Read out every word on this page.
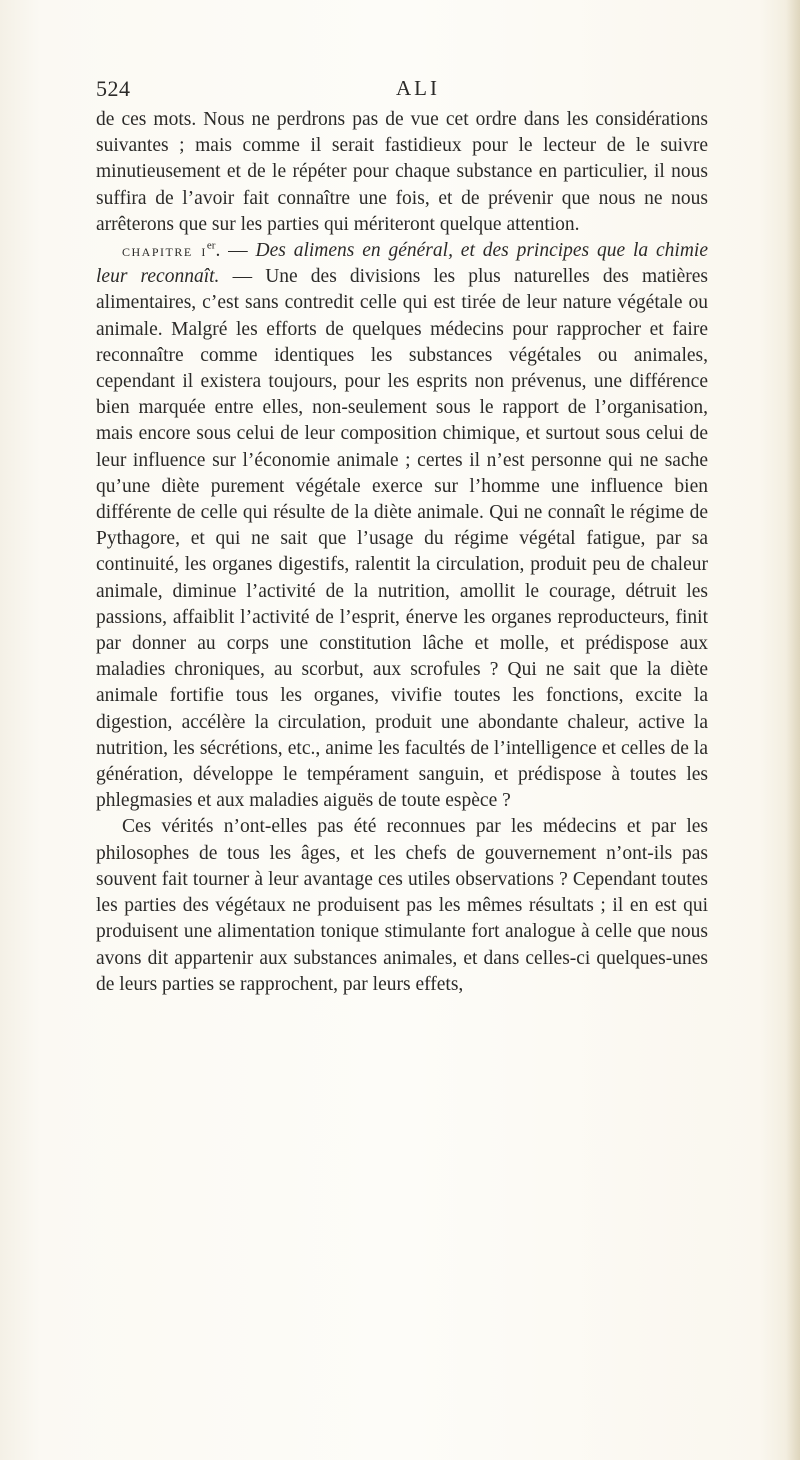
524	ALI

de ces mots. Nous ne perdrons pas de vue cet ordre dans les considérations suivantes ; mais comme il serait fastidieux pour le lecteur de le suivre minutieusement et de le répéter pour chaque substance en particulier, il nous suffira de l’avoir fait connaître une fois, et de prévenir que nous ne nous arrêterons que sur les parties qui mériteront quelque attention.

chapitre $i^{er}$. — Des alimens en général, et des principes que la chimie leur reconnaît. — Une des divisions les plus naturelles des matières alimentaires, c’est sans contredit celle qui est tirée de leur nature végétale ou animale. Malgré les efforts de quelques médecins pour rapprocher et faire reconnaître comme identiques les substances végétales ou animales, cependant il existera toujours, pour les esprits non prévenus, une différence bien marquée entre elles, non-seulement sous le rapport de l’organisation, mais encore sous celui de leur composition chimique, et surtout sous celui de leur influence sur l’économie animale ; certes il n’est personne qui ne sache qu’une diète purement végétale exerce sur l’homme une influence bien différente de celle qui résulte de la diète animale. Qui ne connaît le régime de Pythagore, et qui ne sait que l’usage du régime végétal fatigue, par sa continuité, les organes digestifs, ralentit la circulation, produit peu de chaleur animale, diminue l’activité de la nutrition, amollit le courage, détruit les passions, affaiblit l’activité de l’esprit, énerve les organes reproducteurs, finit par donner au corps une constitution lâche et molle, et prédispose aux maladies chroniques, au scorbut, aux scrofules ? Qui ne sait que la diète animale fortifie tous les organes, vivifie toutes les fonctions, excite la digestion, accélère la circulation, produit une abondante chaleur, active la nutrition, les sécrétions, etc., anime les facultés de l’intelligence et celles de la génération, développe le tempérament sanguin, et prédispose à toutes les phlegmasies et aux maladies aiguës de toute espèce ?

Ces vérités n’ont-elles pas été reconnues par les médecins et par les philosophes de tous les âges, et les chefs de gouvernement n’ont-ils pas souvent fait tourner à leur avantage ces utiles observations ? Cependant toutes les parties des végétaux ne produisent pas les mêmes résultats ; il en est qui produisent une alimentation tonique stimulante fort analogue à celle que nous avons dit appartenir aux substances animales, et dans celles-ci quelques-unes de leurs parties se rapprochent, par leurs effets,
